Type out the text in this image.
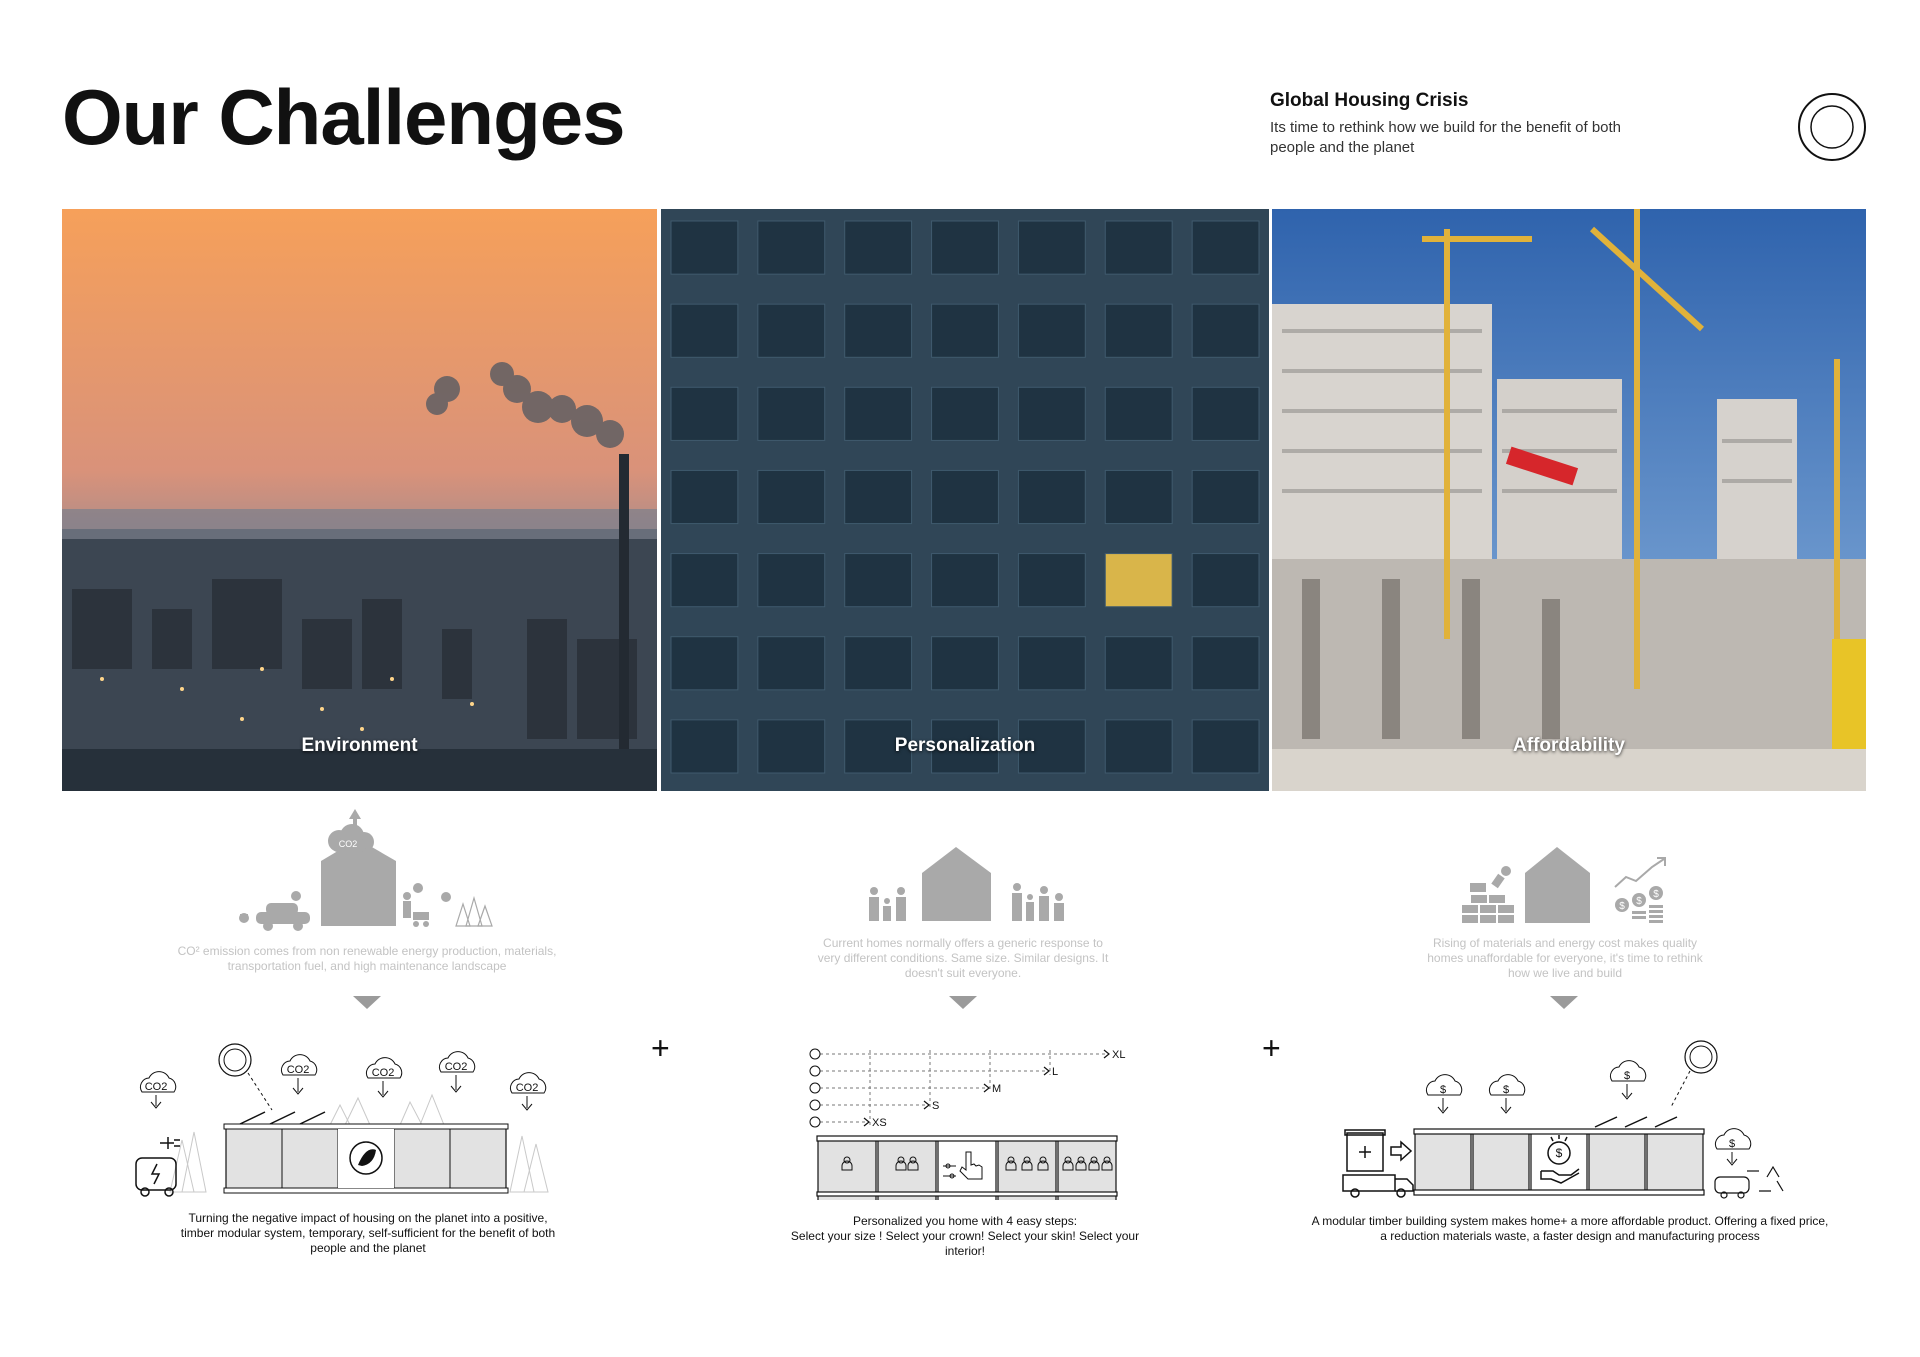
Our Challenges	Global Housing Crisis
Its time to rethink how we build for the benefit of both people and the planet
Environment	Personalization	Affordability
CO2
CO² emission comes from non renewable energy production, materials, transportation fuel, and high maintenance landscape
CO2
CO2	CO2	CO2
CO2
Turning the negative impact of housing on the planet into a positive, timber modular system, temporary, self-sufficient for the benefit of both people and the planet
+
Current homes normally offers a generic response to very different conditions. Same size. Similar designs. It doesn't suit everyone.
XL
L
M
S
XS
Personalized you home with 4 easy steps:
Select your size ! Select your crown! Select your skin! Select your interior!
+
$ $
$
Rising of materials and energy cost makes quality homes unaffordable for everyone, it's time to rethink how we live and build
$
$	$
$
$
A modular timber building system makes home+ a more affordable product. Offering a fixed price, a reduction materials waste, a faster design and manufacturing process
